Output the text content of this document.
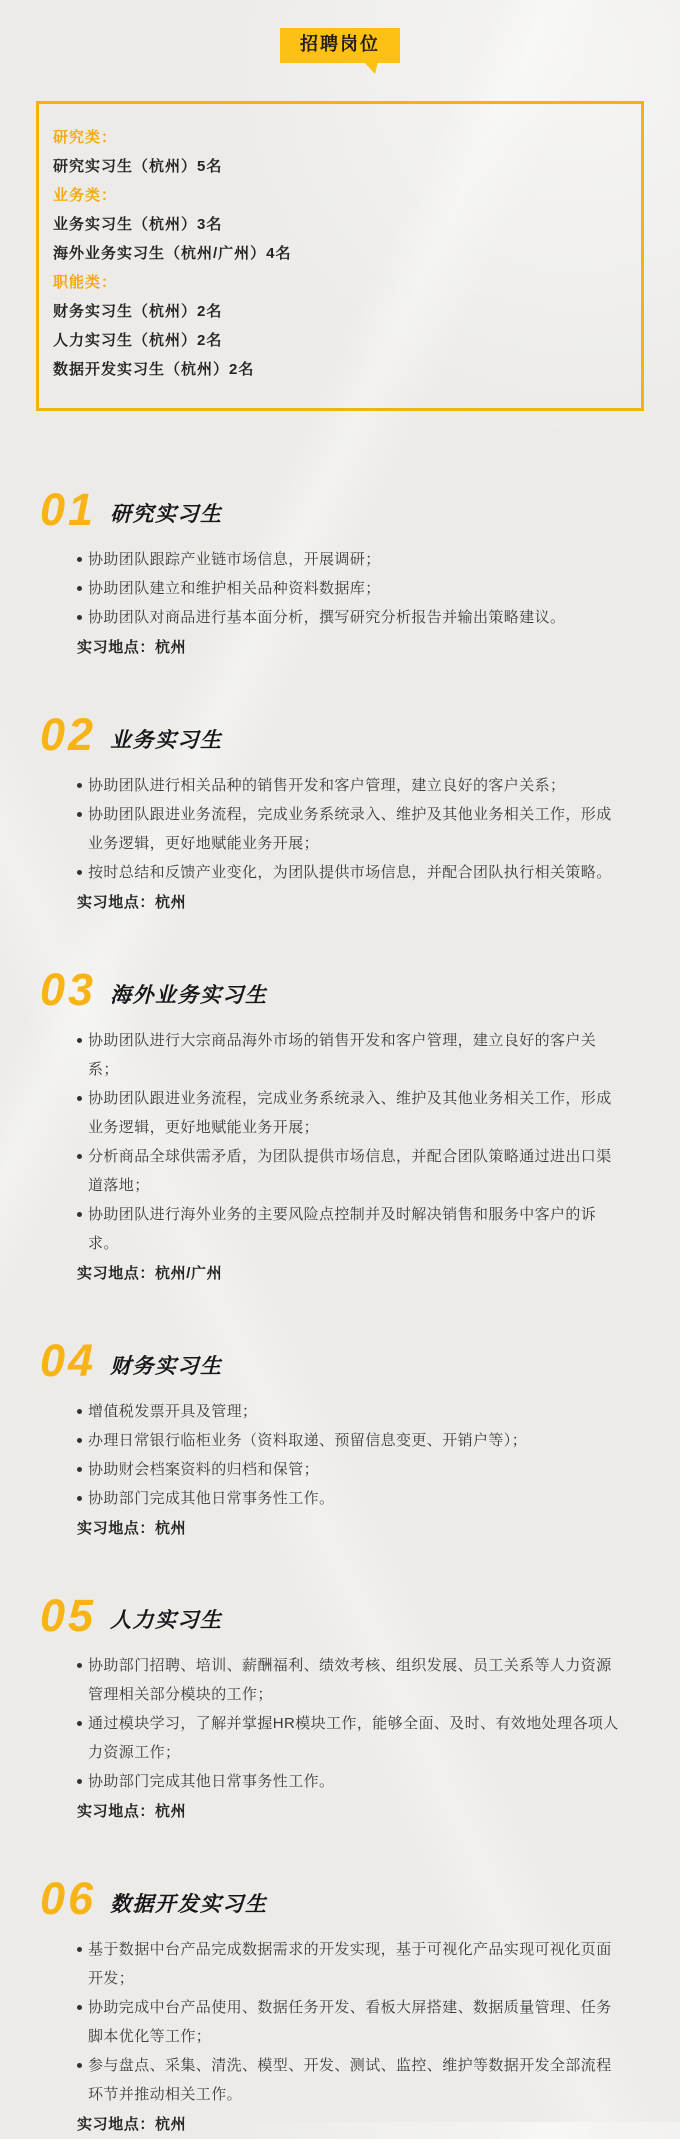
招聘岗位

研究类：

研究实习生（杭州）5名

业务类：

业务实习生（杭州）3名

海外业务实习生（杭州/广州）4名

职能类：

财务实习生（杭州）2名

人力实习生（杭州）2名

数据开发实习生（杭州）2名

01 研究实习生
协助团队跟踪产业链市场信息，开展调研；
协助团队建立和维护相关品种资料数据库；
协助团队对商品进行基本面分析，撰写研究分析报告并输出策略建议。

实习地点：杭州

02 业务实习生
协助团队进行相关品种的销售开发和客户管理，建立良好的客户关系；
协助团队跟进业务流程，完成业务系统录入、维护及其他业务相关工作，形成业务逻辑，更好地赋能业务开展；
按时总结和反馈产业变化，为团队提供市场信息，并配合团队执行相关策略。

实习地点：杭州

03 海外业务实习生
协助团队进行大宗商品海外市场的销售开发和客户管理，建立良好的客户关系；
协助团队跟进业务流程，完成业务系统录入、维护及其他业务相关工作，形成业务逻辑，更好地赋能业务开展；
分析商品全球供需矛盾，为团队提供市场信息，并配合团队策略通过进出口渠道落地；
协助团队进行海外业务的主要风险点控制并及时解决销售和服务中客户的诉求。

实习地点：杭州/广州

04 财务实习生
增值税发票开具及管理；
办理日常银行临柜业务（资料取递、预留信息变更、开销户等）；
协助财会档案资料的归档和保管；
协助部门完成其他日常事务性工作。

实习地点：杭州

05 人力实习生
协助部门招聘、培训、薪酬福利、绩效考核、组织发展、员工关系等人力资源管理相关部分模块的工作；
通过模块学习，了解并掌握HR模块工作，能够全面、及时、有效地处理各项人力资源工作；
协助部门完成其他日常事务性工作。

实习地点：杭州

06 数据开发实习生
基于数据中台产品完成数据需求的开发实现，基于可视化产品实现可视化页面开发；
协助完成中台产品使用、数据任务开发、看板大屏搭建、数据质量管理、任务脚本优化等工作；
参与盘点、采集、清洗、模型、开发、测试、监控、维护等数据开发全部流程环节并推动相关工作。

实习地点：杭州
